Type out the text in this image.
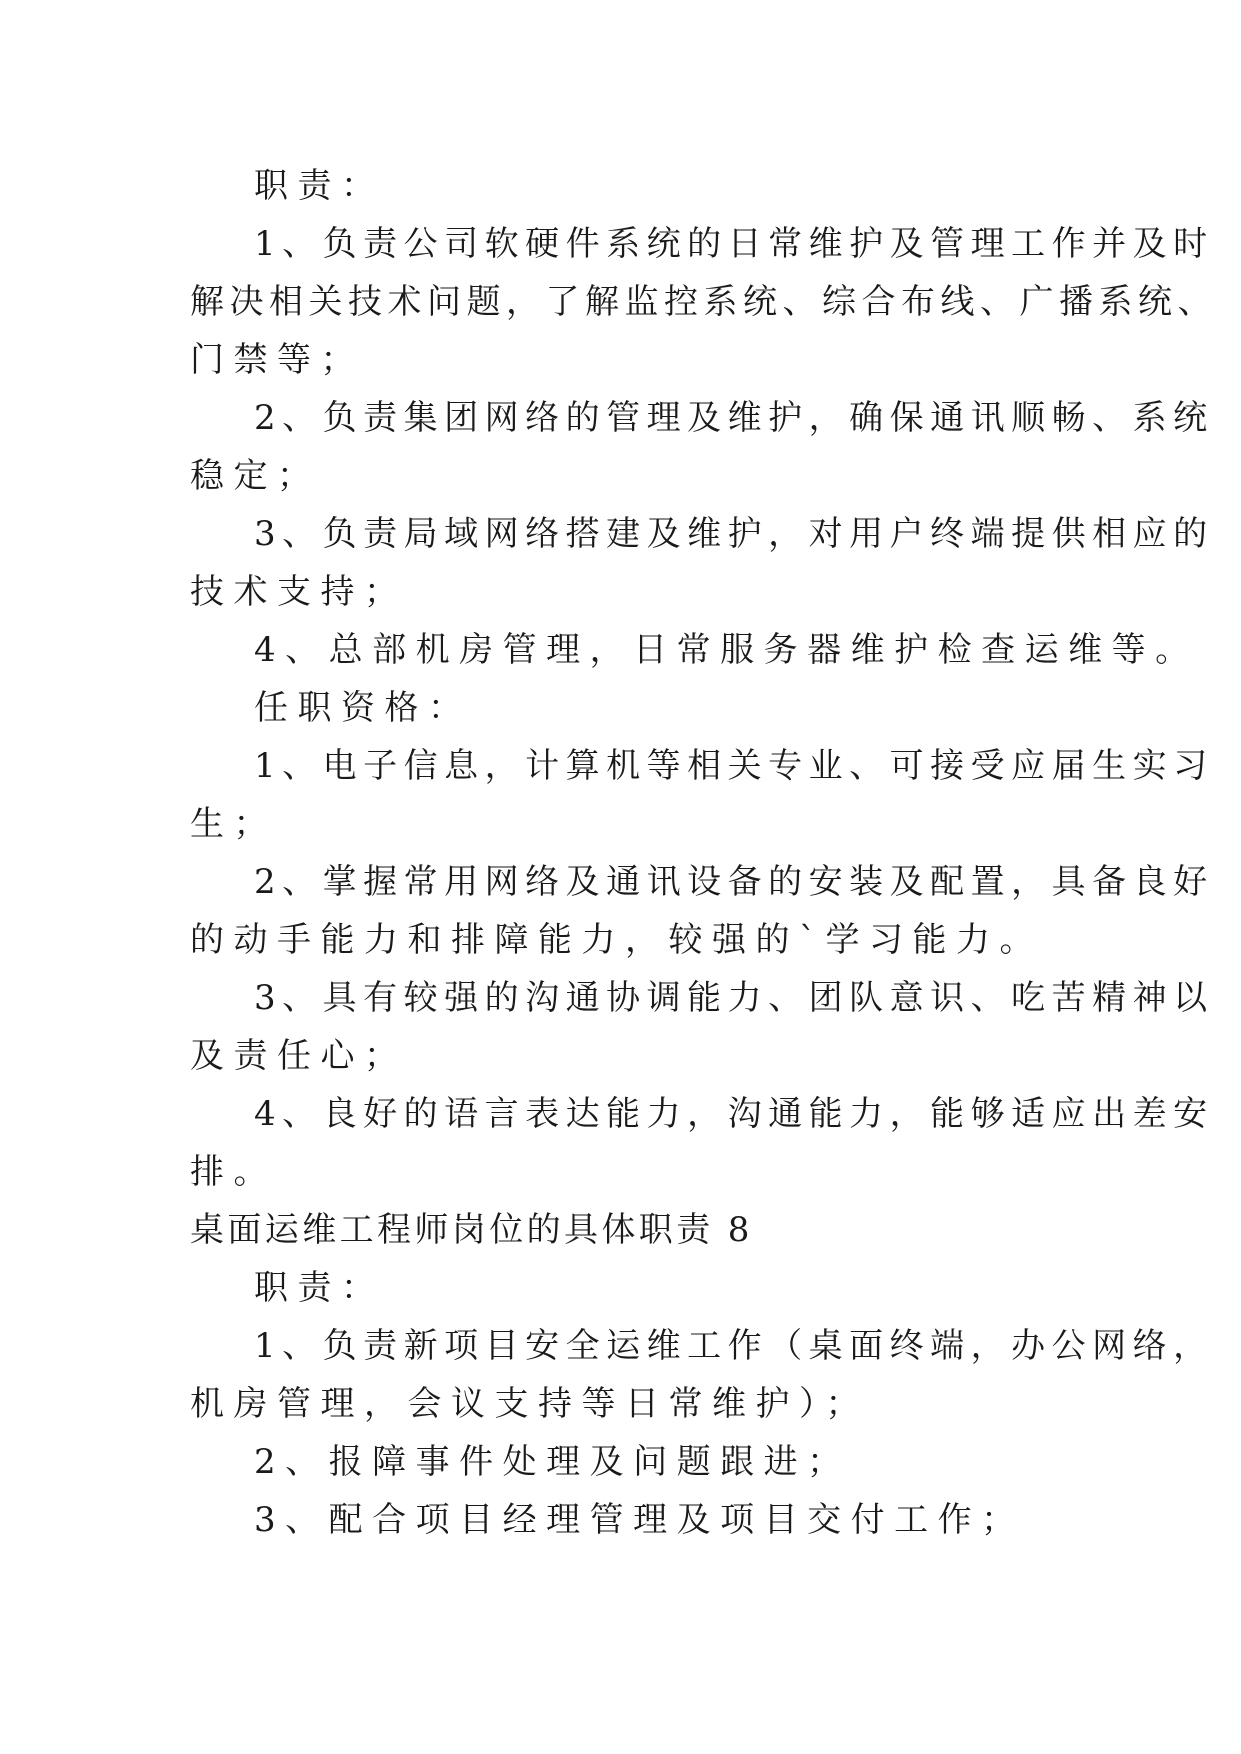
职责：
1、负责公司软硬件系统的日常维护及管理工作并及时
解决相关技术问题，了解监控系统、综合布线、广播系统、
门禁等；
2、负责集团网络的管理及维护，确保通讯顺畅、系统
稳定；
3、负责局域网络搭建及维护，对用户终端提供相应的
技术支持；
4、总部机房管理，日常服务器维护检查运维等。
任职资格：
1、电子信息，计算机等相关专业、可接受应届生实习
生；
2、掌握常用网络及通讯设备的安装及配置，具备良好
的动手能力和排障能力，较强的`学习能力。
3、具有较强的沟通协调能力、团队意识、吃苦精神以
及责任心；
4、良好的语言表达能力，沟通能力，能够适应出差安
排。
桌面运维工程师岗位的具体职责 8
职责：
1、负责新项目安全运维工作（桌面终端，办公网络，
机房管理，会议支持等日常维护）；
2、报障事件处理及问题跟进；
3、配合项目经理管理及项目交付工作；
